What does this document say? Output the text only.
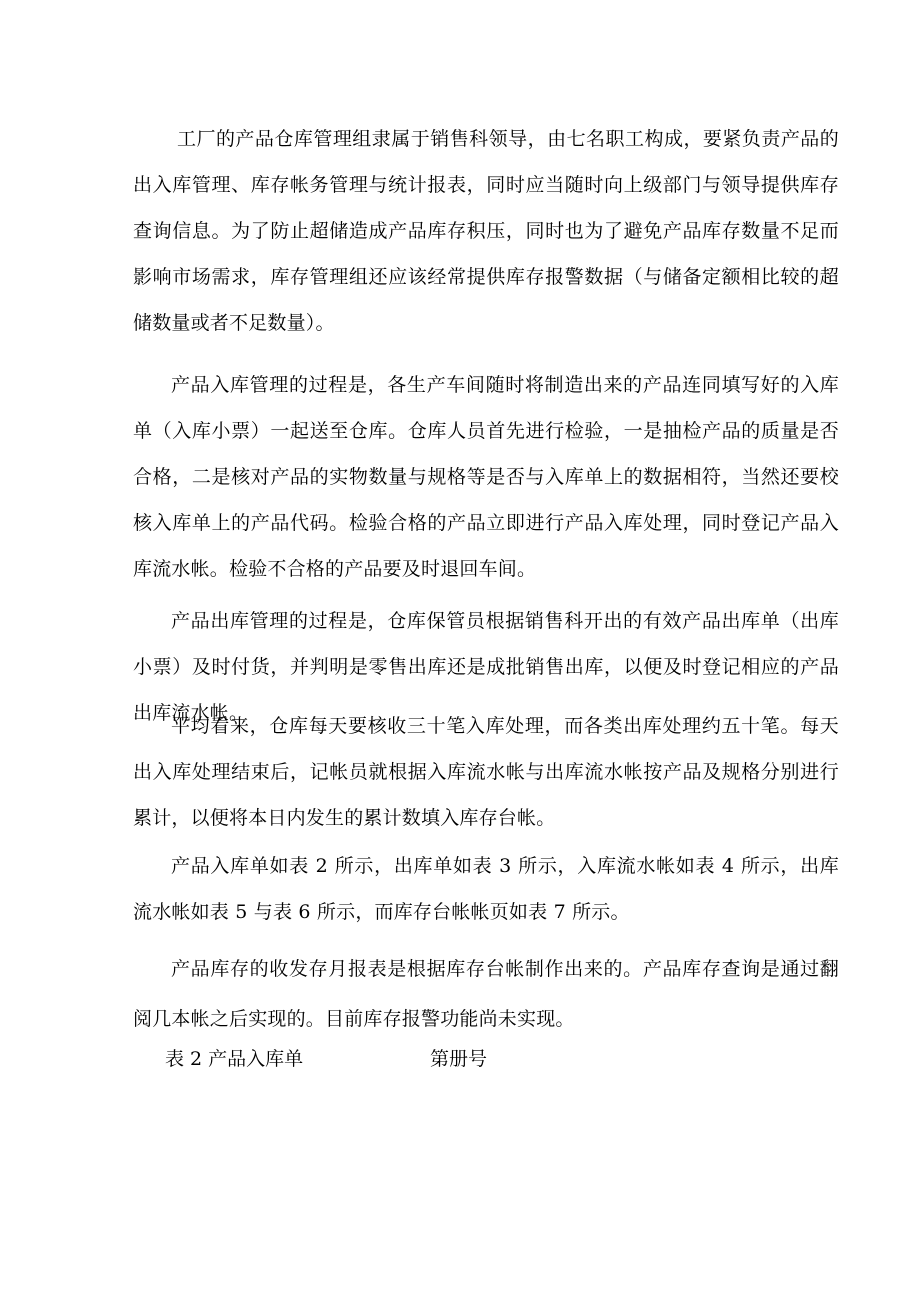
工厂的产品仓库管理组隶属于销售科领导，由七名职工构成，要紧负责产品的出入库管理、库存帐务管理与统计报表，同时应当随时向上级部门与领导提供库存查询信息。为了防止超储造成产品库存积压，同时也为了避免产品库存数量不足而影响市场需求，库存管理组还应该经常提供库存报警数据（与储备定额相比较的超储数量或者不足数量）。

产品入库管理的过程是，各生产车间随时将制造出来的产品连同填写好的入库单（入库小票）一起送至仓库。仓库人员首先进行检验，一是抽检产品的质量是否合格，二是核对产品的实物数量与规格等是否与入库单上的数据相符，当然还要校核入库单上的产品代码。检验合格的产品立即进行产品入库处理，同时登记产品入库流水帐。检验不合格的产品要及时退回车间。

产品出库管理的过程是，仓库保管员根据销售科开出的有效产品出库单（出库小票）及时付货，并判明是零售出库还是成批销售出库，以便及时登记相应的产品出库流水帐。

平均看来，仓库每天要核收三十笔入库处理，而各类出库处理约五十笔。每天出入库处理结束后，记帐员就根据入库流水帐与出库流水帐按产品及规格分别进行累计，以便将本日内发生的累计数填入库存台帐。

产品入库单如表 2 所示，出库单如表 3 所示，入库流水帐如表 4 所示，出库流水帐如表 5 与表 6 所示，而库存台帐帐页如表 7 所示。

产品库存的收发存月报表是根据库存台帐制作出来的。产品库存查询是通过翻阅几本帐之后实现的。目前库存报警功能尚未实现。

表 2 产品入库单	第册号
